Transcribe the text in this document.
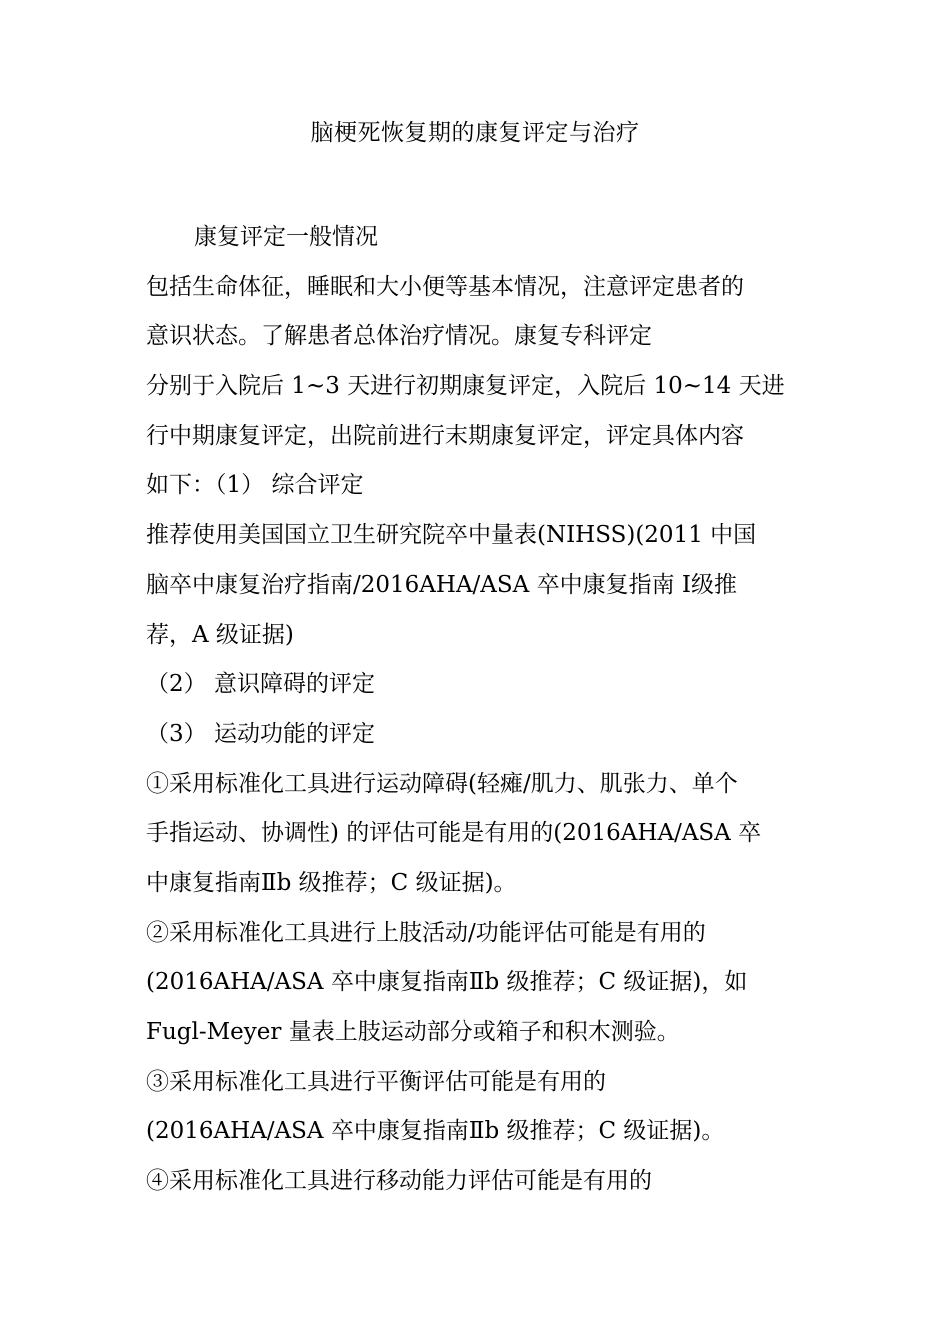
脑梗死恢复期的康复评定与治疗
康复评定一般情况
包括生命体征，睡眠和大小便等基本情况，注意评定患者的
意识状态。了解患者总体治疗情况。康复专科评定
分别于入院后 1~3 天进行初期康复评定，入院后 10~14 天进
行中期康复评定，出院前进行末期康复评定，评定具体内容
如下：（1） 综合评定
推荐使用美国国立卫生研究院卒中量表(NIHSS)(2011 中国
脑卒中康复治疗指南/2016AHA/ASA 卒中康复指南 Ⅰ级推
荐，A 级证据)
（2） 意识障碍的评定
（3） 运动功能的评定
①采用标准化工具进行运动障碍(轻瘫/肌力、肌张力、单个
手指运动、协调性) 的评估可能是有用的(2016AHA/ASA 卒
中康复指南Ⅱb 级推荐；C 级证据)。
②采用标准化工具进行上肢活动/功能评估可能是有用的
(2016AHA/ASA 卒中康复指南Ⅱb 级推荐；C 级证据)，如
Fugl-Meyer 量表上肢运动部分或箱子和积木测验。
③采用标准化工具进行平衡评估可能是有用的
(2016AHA/ASA 卒中康复指南Ⅱb 级推荐；C 级证据)。
④采用标准化工具进行移动能力评估可能是有用的
